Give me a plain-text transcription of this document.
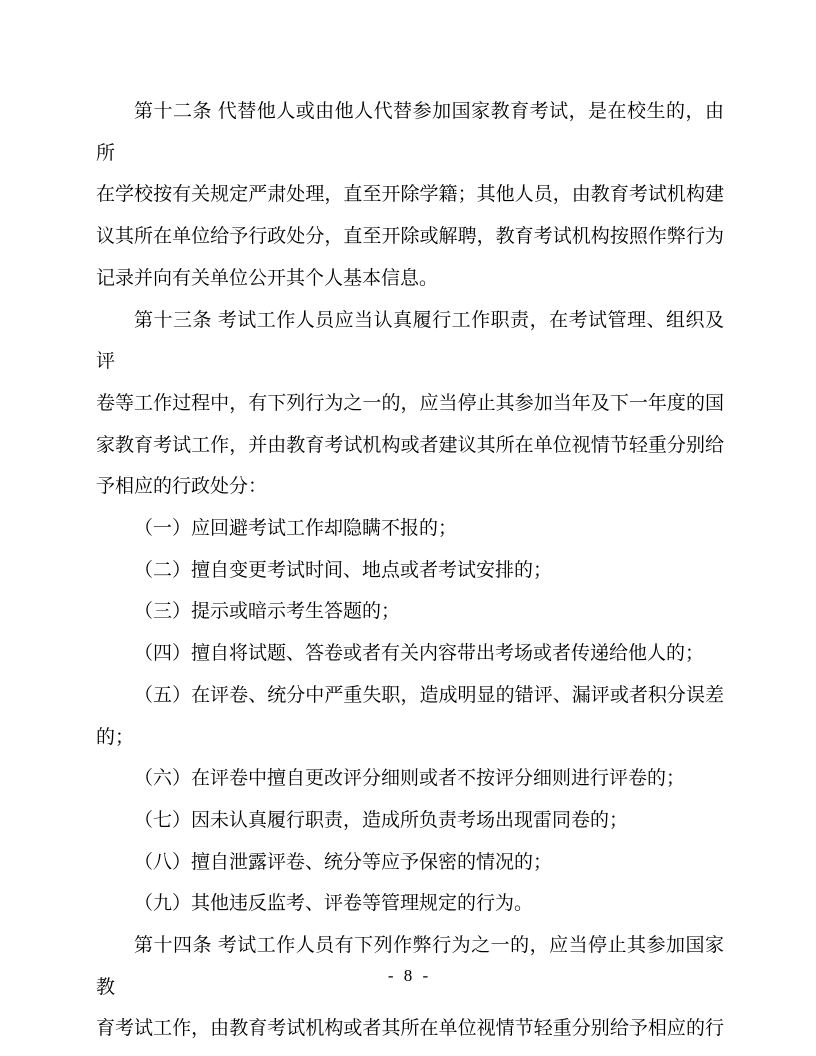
第十二条 代替他人或由他人代替参加国家教育考试，是在校生的，由所
在学校按有关规定严肃处理，直至开除学籍；其他人员，由教育考试机构建
议其所在单位给予行政处分，直至开除或解聘，教育考试机构按照作弊行为
记录并向有关单位公开其个人基本信息。
第十三条 考试工作人员应当认真履行工作职责，在考试管理、组织及评
卷等工作过程中，有下列行为之一的，应当停止其参加当年及下一年度的国
家教育考试工作，并由教育考试机构或者建议其所在单位视情节轻重分别给
予相应的行政处分：
（一）应回避考试工作却隐瞒不报的；
（二）擅自变更考试时间、地点或者考试安排的；
（三）提示或暗示考生答题的；
（四）擅自将试题、答卷或者有关内容带出考场或者传递给他人的；
（五）在评卷、统分中严重失职，造成明显的错评、漏评或者积分误差
的；
（六）在评卷中擅自更改评分细则或者不按评分细则进行评卷的；
（七）因未认真履行职责，造成所负责考场出现雷同卷的；
（八）擅自泄露评卷、统分等应予保密的情况的；
（九）其他违反监考、评卷等管理规定的行为。
第十四条 考试工作人员有下列作弊行为之一的，应当停止其参加国家教
育考试工作，由教育考试机构或者其所在单位视情节轻重分别给予相应的行
- 8 -
